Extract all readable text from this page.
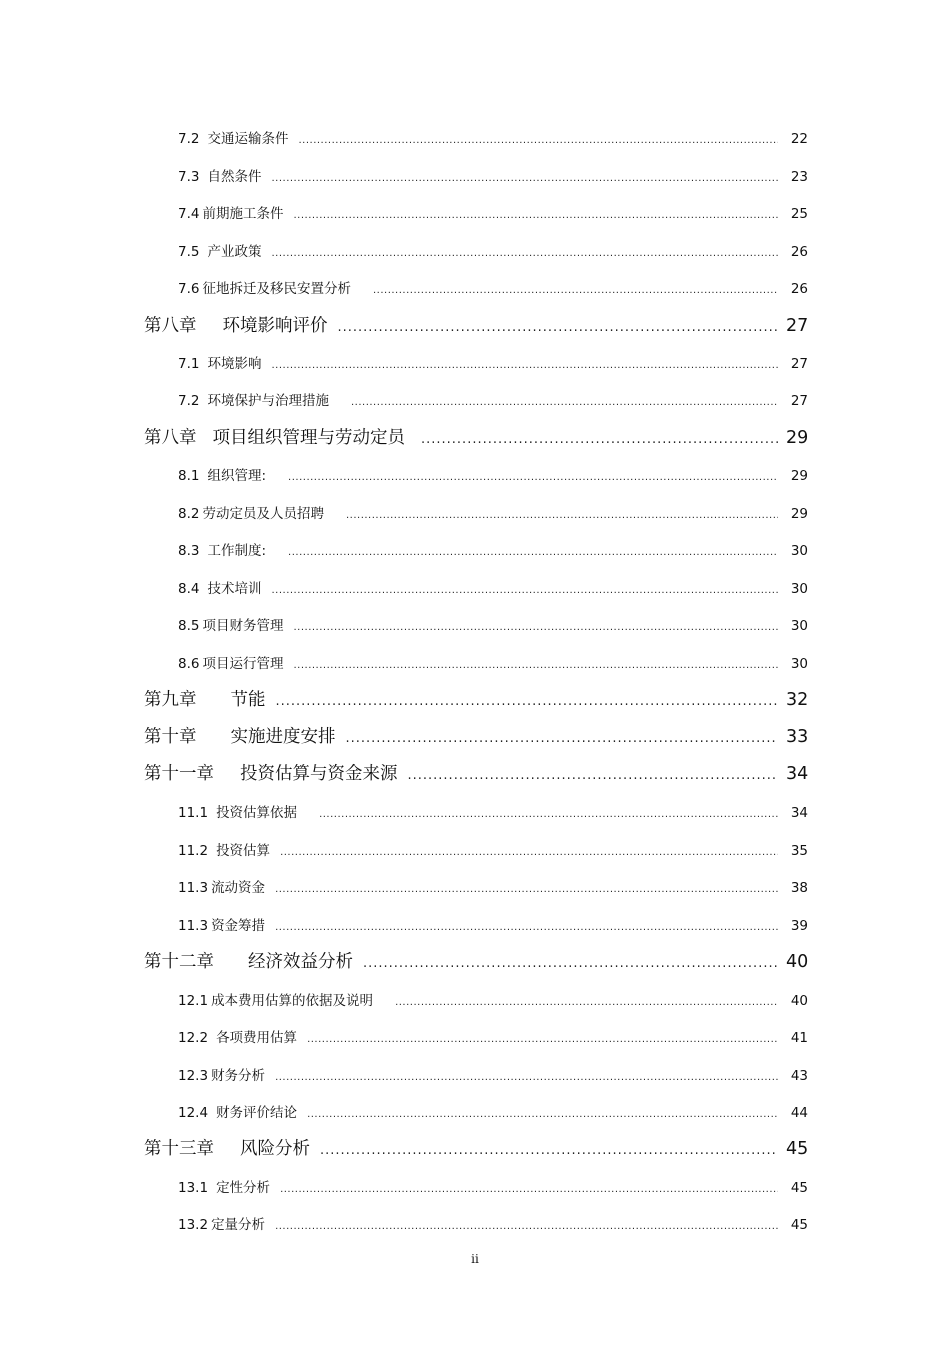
7.2 交通运输条件 .....	22
7.3 自然条件 .....	23
7.4 前期施工条件 .....	25
7.5 产业政策 .....	26
7.6 征地拆迁及移民安置分析 .....	26
第八章 环境影响评价 .....	27
7.1 环境影响 .....	27
7.2 环境保护与治理措施 .....	27
第八章 项目组织管理与劳动定员 .....	29
8.1 组织管理: .....	29
8.2 劳动定员及人员招聘 .....	29
8.3 工作制度: .....	30
8.4 技术培训 .....	30
8.5 项目财务管理 .....	30
8.6 项目运行管理 .....	30
第九章 节能 .....	32
第十章 实施进度安排 .....	33
第十一章 投资估算与资金来源 .....	34
11.1 投资估算依据 .....	34
11.2 投资估算 .....	35
11.3 流动资金 .....	38
11.3 资金筹措 .....	39
第十二章 经济效益分析 .....	40
12.1 成本费用估算的依据及说明 .....	40
12.2 各项费用估算 .....	41
12.3 财务分析 .....	43
12.4 财务评价结论 .....	44
第十三章 风险分析 .....	45
13.1 定性分析 .....	45
13.2 定量分析 .....	45
ii
